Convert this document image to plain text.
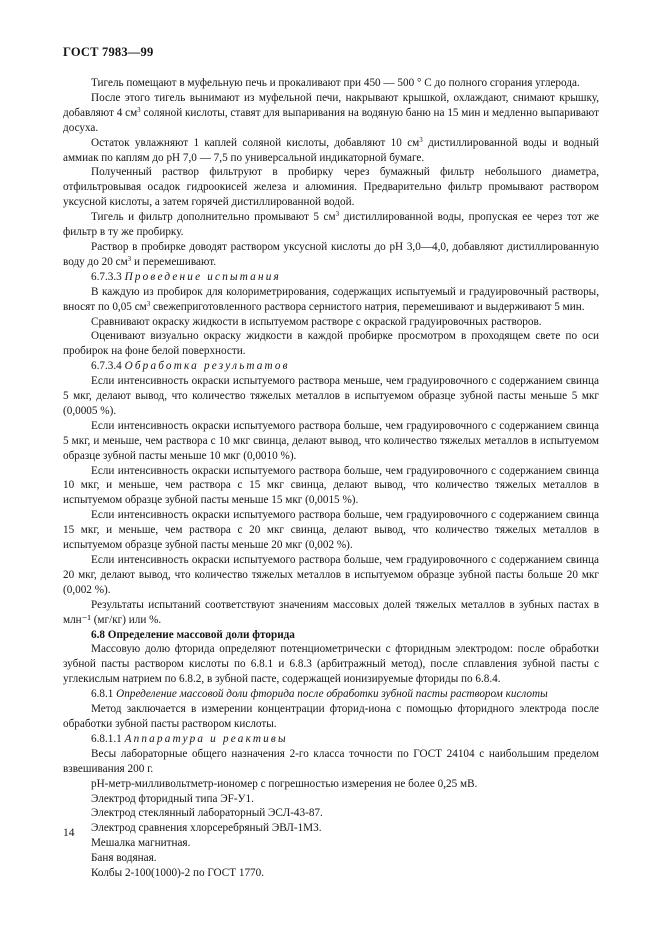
ГОСТ 7983—99

Тигель помещают в муфельную печь и прокаливают при 450 — 500 ° С до полного сгорания углерода.

После этого тигель вынимают из муфельной печи, накрывают крышкой, охлаждают, снимают крышку, добавляют 4 $см^3$ соляной кислоты, ставят для выпаривания на водяную баню на 15 мин и медленно выпаривают досуха.

Остаток увлажняют 1 каплей соляной кислоты, добавляют 10 $см^3$ дистиллированной воды и водный аммиак по каплям до рН 7,0 — 7,5 по универсальной индикаторной бумаге.

Полученный раствор фильтруют в пробирку через бумажный фильтр небольшого диаметра, отфильтровывая осадок гидроокисей железа и алюминия. Предварительно фильтр промывают раствором уксусной кислоты, а затем горячей дистиллированной водой.

Тигель и фильтр дополнительно промывают 5 $см^3$ дистиллированной воды, пропуская ее через тот же фильтр в ту же пробирку.

Раствор в пробирке доводят раствором уксусной кислоты до рН 3,0—4,0, добавляют дистиллированную воду до 20 $см^3$ и перемешивают.

6.7.3.3 Проведение испытания

В каждую из пробирок для колориметрирования, содержащих испытуемый и градуировочный растворы, вносят по 0,05 $см^3$ свежеприготовленного раствора сернистого натрия, перемешивают и выдерживают 5 мин.

Сравнивают окраску жидкости в испытуемом растворе с окраской градуировочных растворов.

Оценивают визуально окраску жидкости в каждой пробирке просмотром в проходящем свете по оси пробирок на фоне белой поверхности.

6.7.3.4 Обработка результатов

Если интенсивность окраски испытуемого раствора меньше, чем градуировочного с содержанием свинца 5 мкг, делают вывод, что количество тяжелых металлов в испытуемом образце зубной пасты меньше 5 мкг (0,0005 %).

Если интенсивность окраски испытуемого раствора больше, чем градуировочного с содержанием свинца 5 мкг, и меньше, чем раствора с 10 мкг свинца, делают вывод, что количество тяжелых металлов в испытуемом образце зубной пасты меньше 10 мкг (0,0010 %).

Если интенсивность окраски испытуемого раствора больше, чем градуировочного с содержанием свинца 10 мкг, и меньше, чем раствора с 15 мкг свинца, делают вывод, что количество тяжелых металлов в испытуемом образце зубной пасты меньше 15 мкг (0,0015 %).

Если интенсивность окраски испытуемого раствора больше, чем градуировочного с содержанием свинца 15 мкг, и меньше, чем раствора с 20 мкг свинца, делают вывод, что количество тяжелых металлов в испытуемом образце зубной пасты меньше 20 мкг (0,002 %).

Если интенсивность окраски испытуемого раствора больше, чем градуировочного с содержанием свинца 20 мкг, делают вывод, что количество тяжелых металлов в испытуемом образце зубной пасты больше 20 мкг (0,002 %).

Результаты испытаний соответствуют значениям массовых долей тяжелых металлов в зубных пастах в млн⁻¹ (мг/кг) или %.

6.8 Определение массовой доли фторида

Массовую долю фторида определяют потенциометрически с фторидным электродом: после обработки зубной пасты раствором кислоты по 6.8.1 и 6.8.3 (арбитражный метод), после сплавления зубной пасты с углекислым натрием по 6.8.2, в зубной пасте, содержащей ионизируемые фториды по 6.8.4.

6.8.1 Определение массовой доли фторида после обработки зубной пасты раствором кислоты

Метод заключается в измерении концентрации фторид-иона с помощью фторидного электрода после обработки зубной пасты раствором кислоты.

6.8.1.1 Аппаратура и реактивы

Весы лабораторные общего назначения 2-го класса точности по ГОСТ 24104 с наибольшим пределом взвешивания 200 г.

рН-метр-милливольтметр-иономер с погрешностью измерения не более 0,25 мВ.

Электрод фторидный типа ЭF-У1.

Электрод стеклянный лабораторный ЭСЛ-43-87.

Электрод сравнения хлорсеребряный ЭВЛ-1М3.

Мешалка магнитная.

Баня водяная.

Колбы 2-100(1000)-2 по ГОСТ 1770.

14
